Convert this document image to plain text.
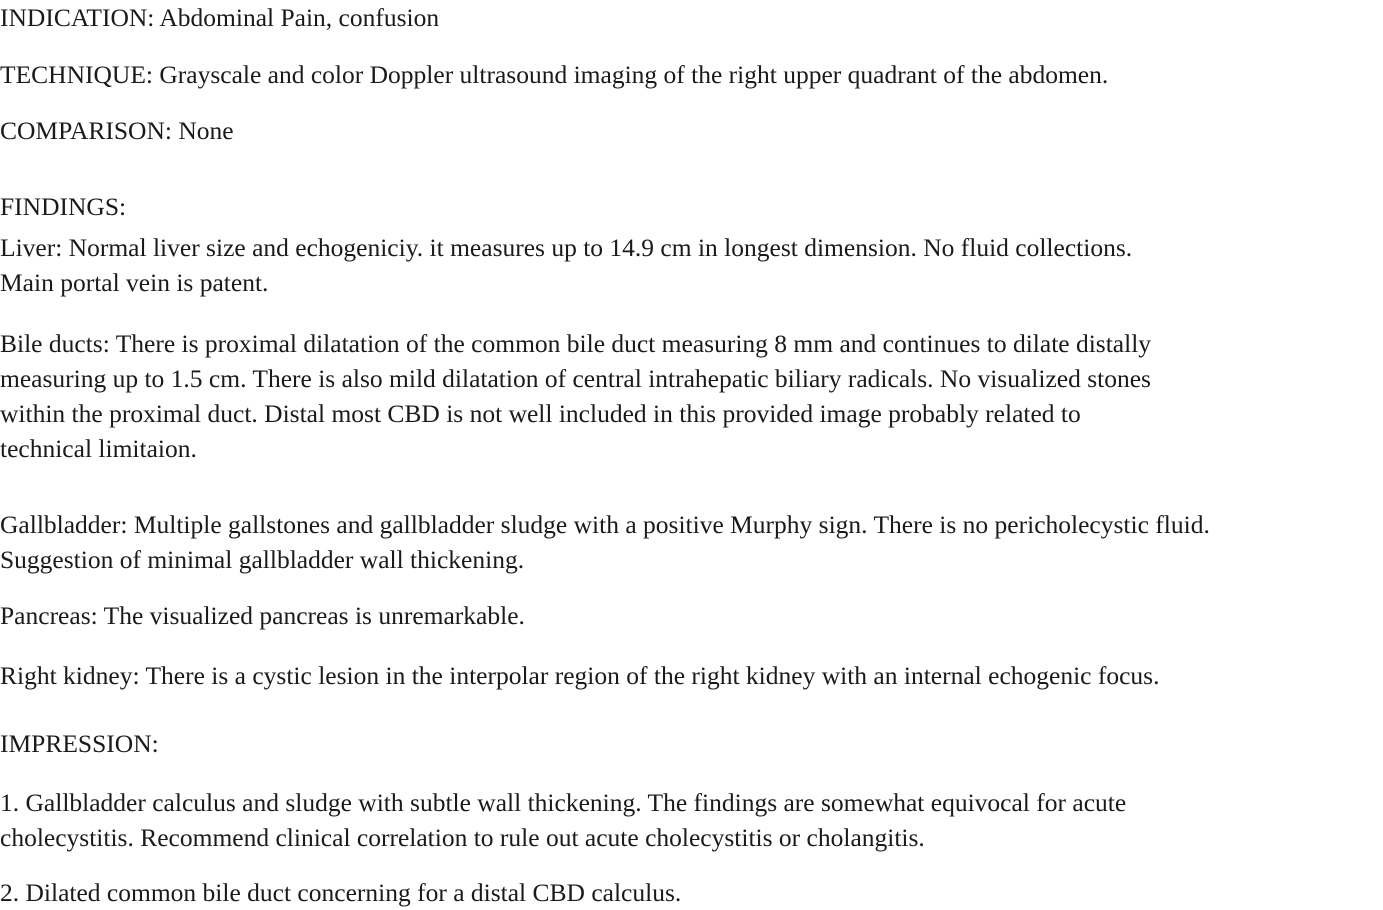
INDICATION: Abdominal Pain, confusion

TECHNIQUE: Grayscale and color Doppler ultrasound imaging of the right upper quadrant of the abdomen.

COMPARISON: None

FINDINGS:

Liver: Normal liver size and echogeniciy. it measures up to 14.9 cm in longest dimension. No fluid collections.
Main portal vein is patent.
Bile ducts: There is proximal dilatation of the common bile duct measuring 8 mm and continues to dilate distally
measuring up to 1.5 cm. There is also mild dilatation of central intrahepatic biliary radicals. No visualized stones
within the proximal duct. Distal most CBD is not well included in this provided image probably related to
technical limitaion.
Gallbladder: Multiple gallstones and gallbladder sludge with a positive Murphy sign. There is no pericholecystic fluid.
Suggestion of minimal gallbladder wall thickening.

Pancreas: The visualized pancreas is unremarkable.

Right kidney: There is a cystic lesion in the interpolar region of the right kidney with an internal echogenic focus.

IMPRESSION:

1. Gallbladder calculus and sludge with subtle wall thickening. The findings are somewhat equivocal for acute
cholecystitis. Recommend clinical correlation to rule out acute cholecystitis or cholangitis.

2. Dilated common bile duct concerning for a distal CBD calculus.
